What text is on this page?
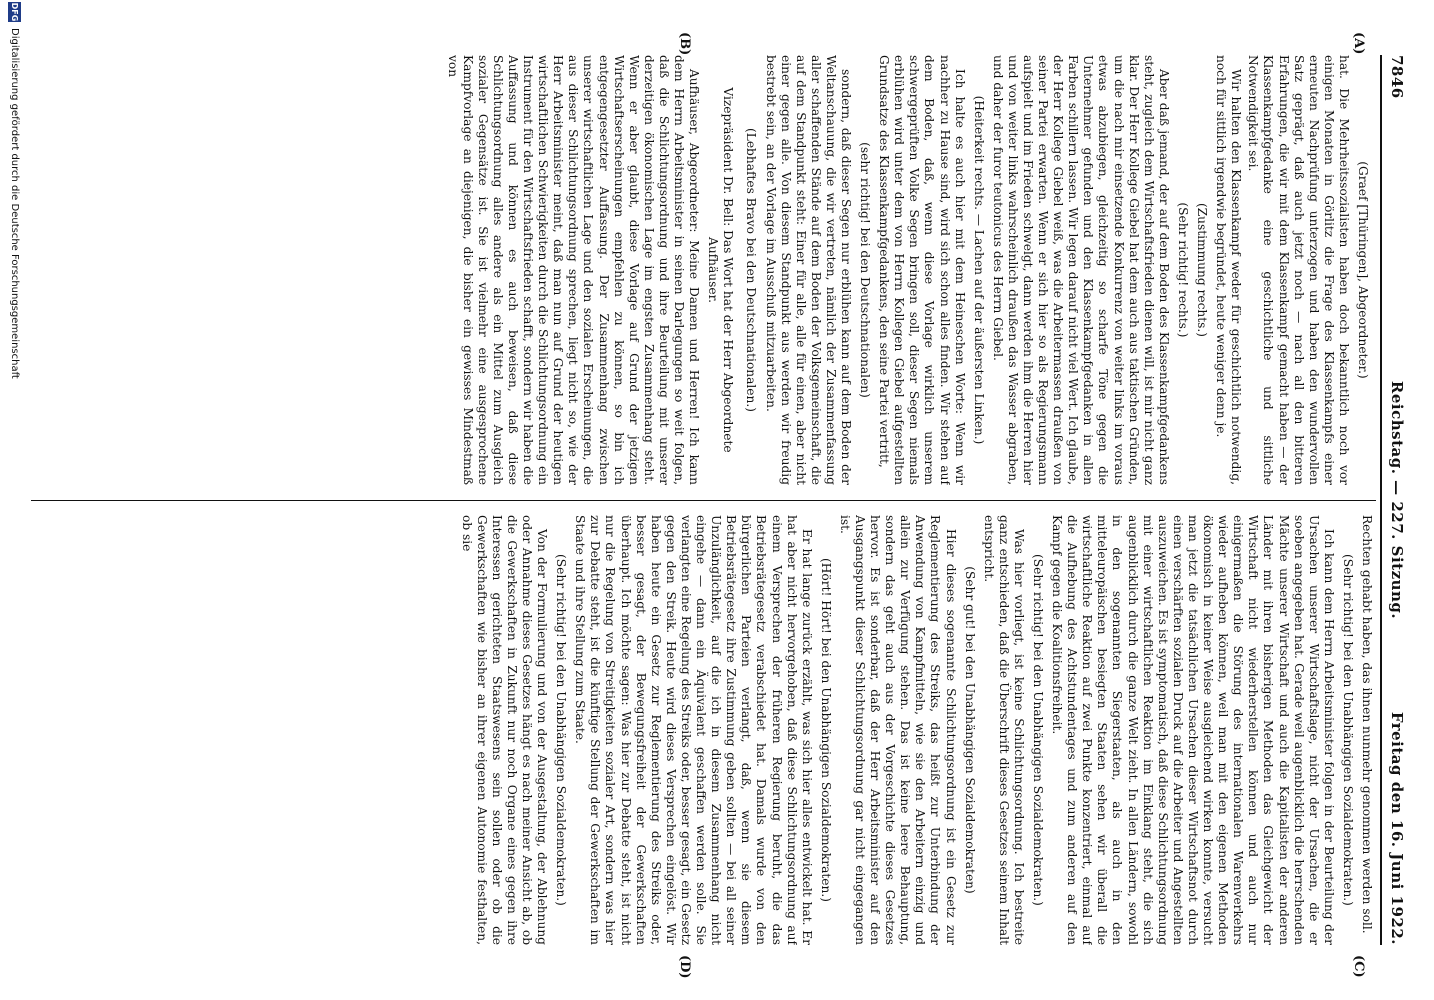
7846
Reichstag. — 227. Sitzung.
Freitag den 16. Juni 1922.
(A)
(B)
(C)
(D)

(Graef [Thüringen], Abgeordneter.)

hat. Die Mehrheitssozialisten haben doch bekanntlich noch vor einigen Monaten in Görlitz die Frage des Klassenkampfs einer erneuten Nachprüfung unterzogen und haben den wundervollen Satz geprägt, daß auch jetzt noch — nach all den bitteren Erfahrungen, die wir mit dem Klassenkampf gemacht haben — der Klassenkampfgedanke eine geschichtliche und sittliche Notwendigkeit sei.

Wir halten den Klassenkampf weder für geschichtlich notwendig, noch für sittlich irgendwie begründet, heute weniger denn je.

(Zustimmung rechts.)

(Sehr richtig! rechts.)

Aber daß jemand, der auf dem Boden des Klassenkampfgedankens steht, zugleich dem Wirtschaftsfrieden dienen will, ist mir nicht ganz klar. Der Herr Kollege Giebel hat dem auch aus taktischen Gründen, um die nach mir einsetzende Konkurrenz von weiter links im voraus etwas abzubiegen, gleichzeitig so scharfe Töne gegen die Unternehmer gefunden und den Klassenkampfgedanken in allen Farben schillern lassen. Wir legen darauf nicht viel Wert. Ich glaube, der Herr Kollege Giebel weiß, was die Arbeitermassen draußen von seiner Partei erwarten. Wenn er sich hier so als Regierungsmann aufspielt und im Frieden schwelgt, dann werden ihm die Herren hier und von weiter links wahrscheinlich draußen das Wasser abgraben, und daher der furor teutonicus des Herrn Giebel.

(Heiterkeit rechts. — Lachen auf der äußersten Linken.)

Ich halte es auch hier mit dem Heineschen Worte: Wenn wir nachher zu Hause sind, wird sich schon alles finden. Wir stehen auf dem Boden, daß, wenn diese Vorlage wirklich unserem schwergeprüften Volke Segen bringen soll, dieser Segen niemals erblühen wird unter dem von Herrn Kollegen Giebel aufgestellten Grundsatze des Klassenkampfgedankens, den seine Partei vertritt,

(sehr richtig! bei den Deutschnationalen)

sondern, daß dieser Segen nur erblühen kann auf dem Boden der Weltanschauung, die wir vertreten, nämlich der Zusammenfassung aller schaffenden Stände auf dem Boden der Volksgemeinschaft, die auf dem Standpunkt steht: Einer für alle, alle für einen, aber nicht einer gegen alle. Von diesem Standpunkt aus werden wir freudig bestrebt sein, an der Vorlage im Ausschuß mitzuarbeiten.

(Lebhaftes Bravo bei den Deutschnationalen.)

Vizepräsident Dr. Bell: Das Wort hat der Herr Abgeordnete Aufhäuser.

Aufhäuser, Abgeordneter: Meine Damen und Herren! Ich kann dem Herrn Arbeitsminister in seinen Darlegungen so weit folgen, daß die Schlichtungsordnung und ihre Beurteilung mit unserer derzeitigen ökonomischen Lage im engsten Zusammenhang steht. Wenn er aber glaubt, diese Vorlage auf Grund der jetzigen Wirtschaftserscheinungen empfehlen zu können, so bin ich entgegengesetzter Auffassung. Der Zusammenhang zwischen unserer wirtschaftlichen Lage und den sozialen Erscheinungen, die aus dieser Schlichtungsordnung sprechen, liegt nicht so, wie der Herr Arbeitsminister meint, daß man nun auf Grund der heutigen wirtschaftlichen Schwierigkeiten durch die Schlichtungsordnung ein Instrument für den Wirtschaftsfrieden schafft, sondern wir haben die Auffassung und können es auch beweisen, daß diese Schlichtungsordnung alles andere als ein Mittel zum Ausgleich sozialer Gegensätze ist. Sie ist vielmehr eine ausgesprochene Kampfvorlage an diejenigen, die bisher ein gewisses Mindestmaß von

Rechten gehabt haben, das ihnen nunmehr genommen werden soll.

(Sehr richtig! bei den Unabhängigen Sozialdemokraten.)

Ich kann dem Herrn Arbeitsminister folgen in der Beurteilung der Ursachen unserer Wirtschaftslage, nicht der Ursachen, die er soeben angegeben hat. Gerade weil augenblicklich die herrschenden Mächte unserer Wirtschaft und auch die Kapitalisten der anderen Länder mit ihren bisherigen Methoden das Gleichgewicht der Wirtschaft nicht wiederherstellen können und auch nur einigermaßen die Störung des internationalen Warenverkehrs wieder aufheben können, weil man mit den eigenen Methoden ökonomisch in keiner Weise ausgleichend wirken konnte, versucht man jetzt die tatsächlichen Ursachen dieser Wirtschaftsnot durch einen verschärften sozialen Druck auf die Arbeiter und Angestellten auszuweichen. Es ist symptomatisch, daß diese Schlichtungsordnung mit einer wirtschaftlichen Reaktion im Einklang steht, die sich augenblicklich durch die ganze Welt zieht. In allen Ländern, sowohl in den sogenannten Siegerstaaten, als auch in den mitteleuropäischen besiegten Staaten sehen wir überall die wirtschaftliche Reaktion auf zwei Punkte konzentriert, einmal auf die Aufhebung des Achtstundentages und zum anderen auf den Kampf gegen die Koalitionsfreiheit.

(Sehr richtig! bei den Unabhängigen Sozialdemokraten.)

Was hier vorliegt, ist keine Schlichtungsordnung. Ich bestreite ganz entschieden, daß die Überschrift dieses Gesetzes seinem Inhalt entspricht.

(Sehr gut! bei den Unabhängigen Sozialdemokraten)

Hier dieses sogenannte Schlichtungsordnung ist ein Gesetz zur Reglementierung des Streiks, das heißt zur Unterbindung der Anwendung von Kampfmitteln, wie sie den Arbeitern einzig und allein zur Verfügung stehen. Das ist keine leere Behauptung, sondern das geht auch aus der Vorgeschichte dieses Gesetzes hervor. Es ist sonderbar, daß der Herr Arbeitsminister auf den Ausgangspunkt dieser Schlichtungsordnung gar nicht eingegangen ist.

(Hört! Hört! bei den Unabhängigen Sozialdemokraten.)

Er hat lange zurück erzählt, was sich hier alles entwickelt hat. Er hat aber nicht hervorgehoben, daß diese Schlichtungsordnung auf einem Versprechen der früheren Regierung beruht, die das Betriebsrätegesetz verabschiedet hat. Damals wurde von den bürgerlichen Parteien verlangt, daß, wenn sie diesem Betriebsrätegesetz ihre Zustimmung geben sollten — bei all seiner Unzulänglichkeit, auf die ich in diesem Zusammenhang nicht eingehe — dann ein Äquivalent geschaffen werden solle. Sie verlangten eine Regelung des Streiks oder, besser gesagt, ein Gesetz gegen den Streik. Heute wird dieses Versprechen eingelöst. Wir haben heute ein Gesetz zur Reglementierung des Streiks oder, besser gesagt, der Bewegungsfreiheit der Gewerkschaften überhaupt. Ich möchte sagen: Was hier zur Debatte steht, ist nicht nur die Regelung von Streitigkeiten sozialer Art, sondern was hier zur Debatte steht, ist die künftige Stellung der Gewerkschaften im Staate und ihre Stellung zum Staate.

(Sehr richtig! bei den Unabhängigen Sozialdemokraten.)

Von der Formulierung und von der Ausgestaltung, der Ablehnung oder Annahme dieses Gesetzes hängt es nach meiner Ansicht ab, ob die Gewerkschaften in Zukunft nur noch Organe eines gegen ihre Interessen gerichteten Staatswesens sein sollen oder ob die Gewerkschaften wie bisher an ihrer eigenen Autonomie festhalten, ob sie

DFG
Digitalisierung gefördert durch die Deutsche Forschungsgemeinschaft
